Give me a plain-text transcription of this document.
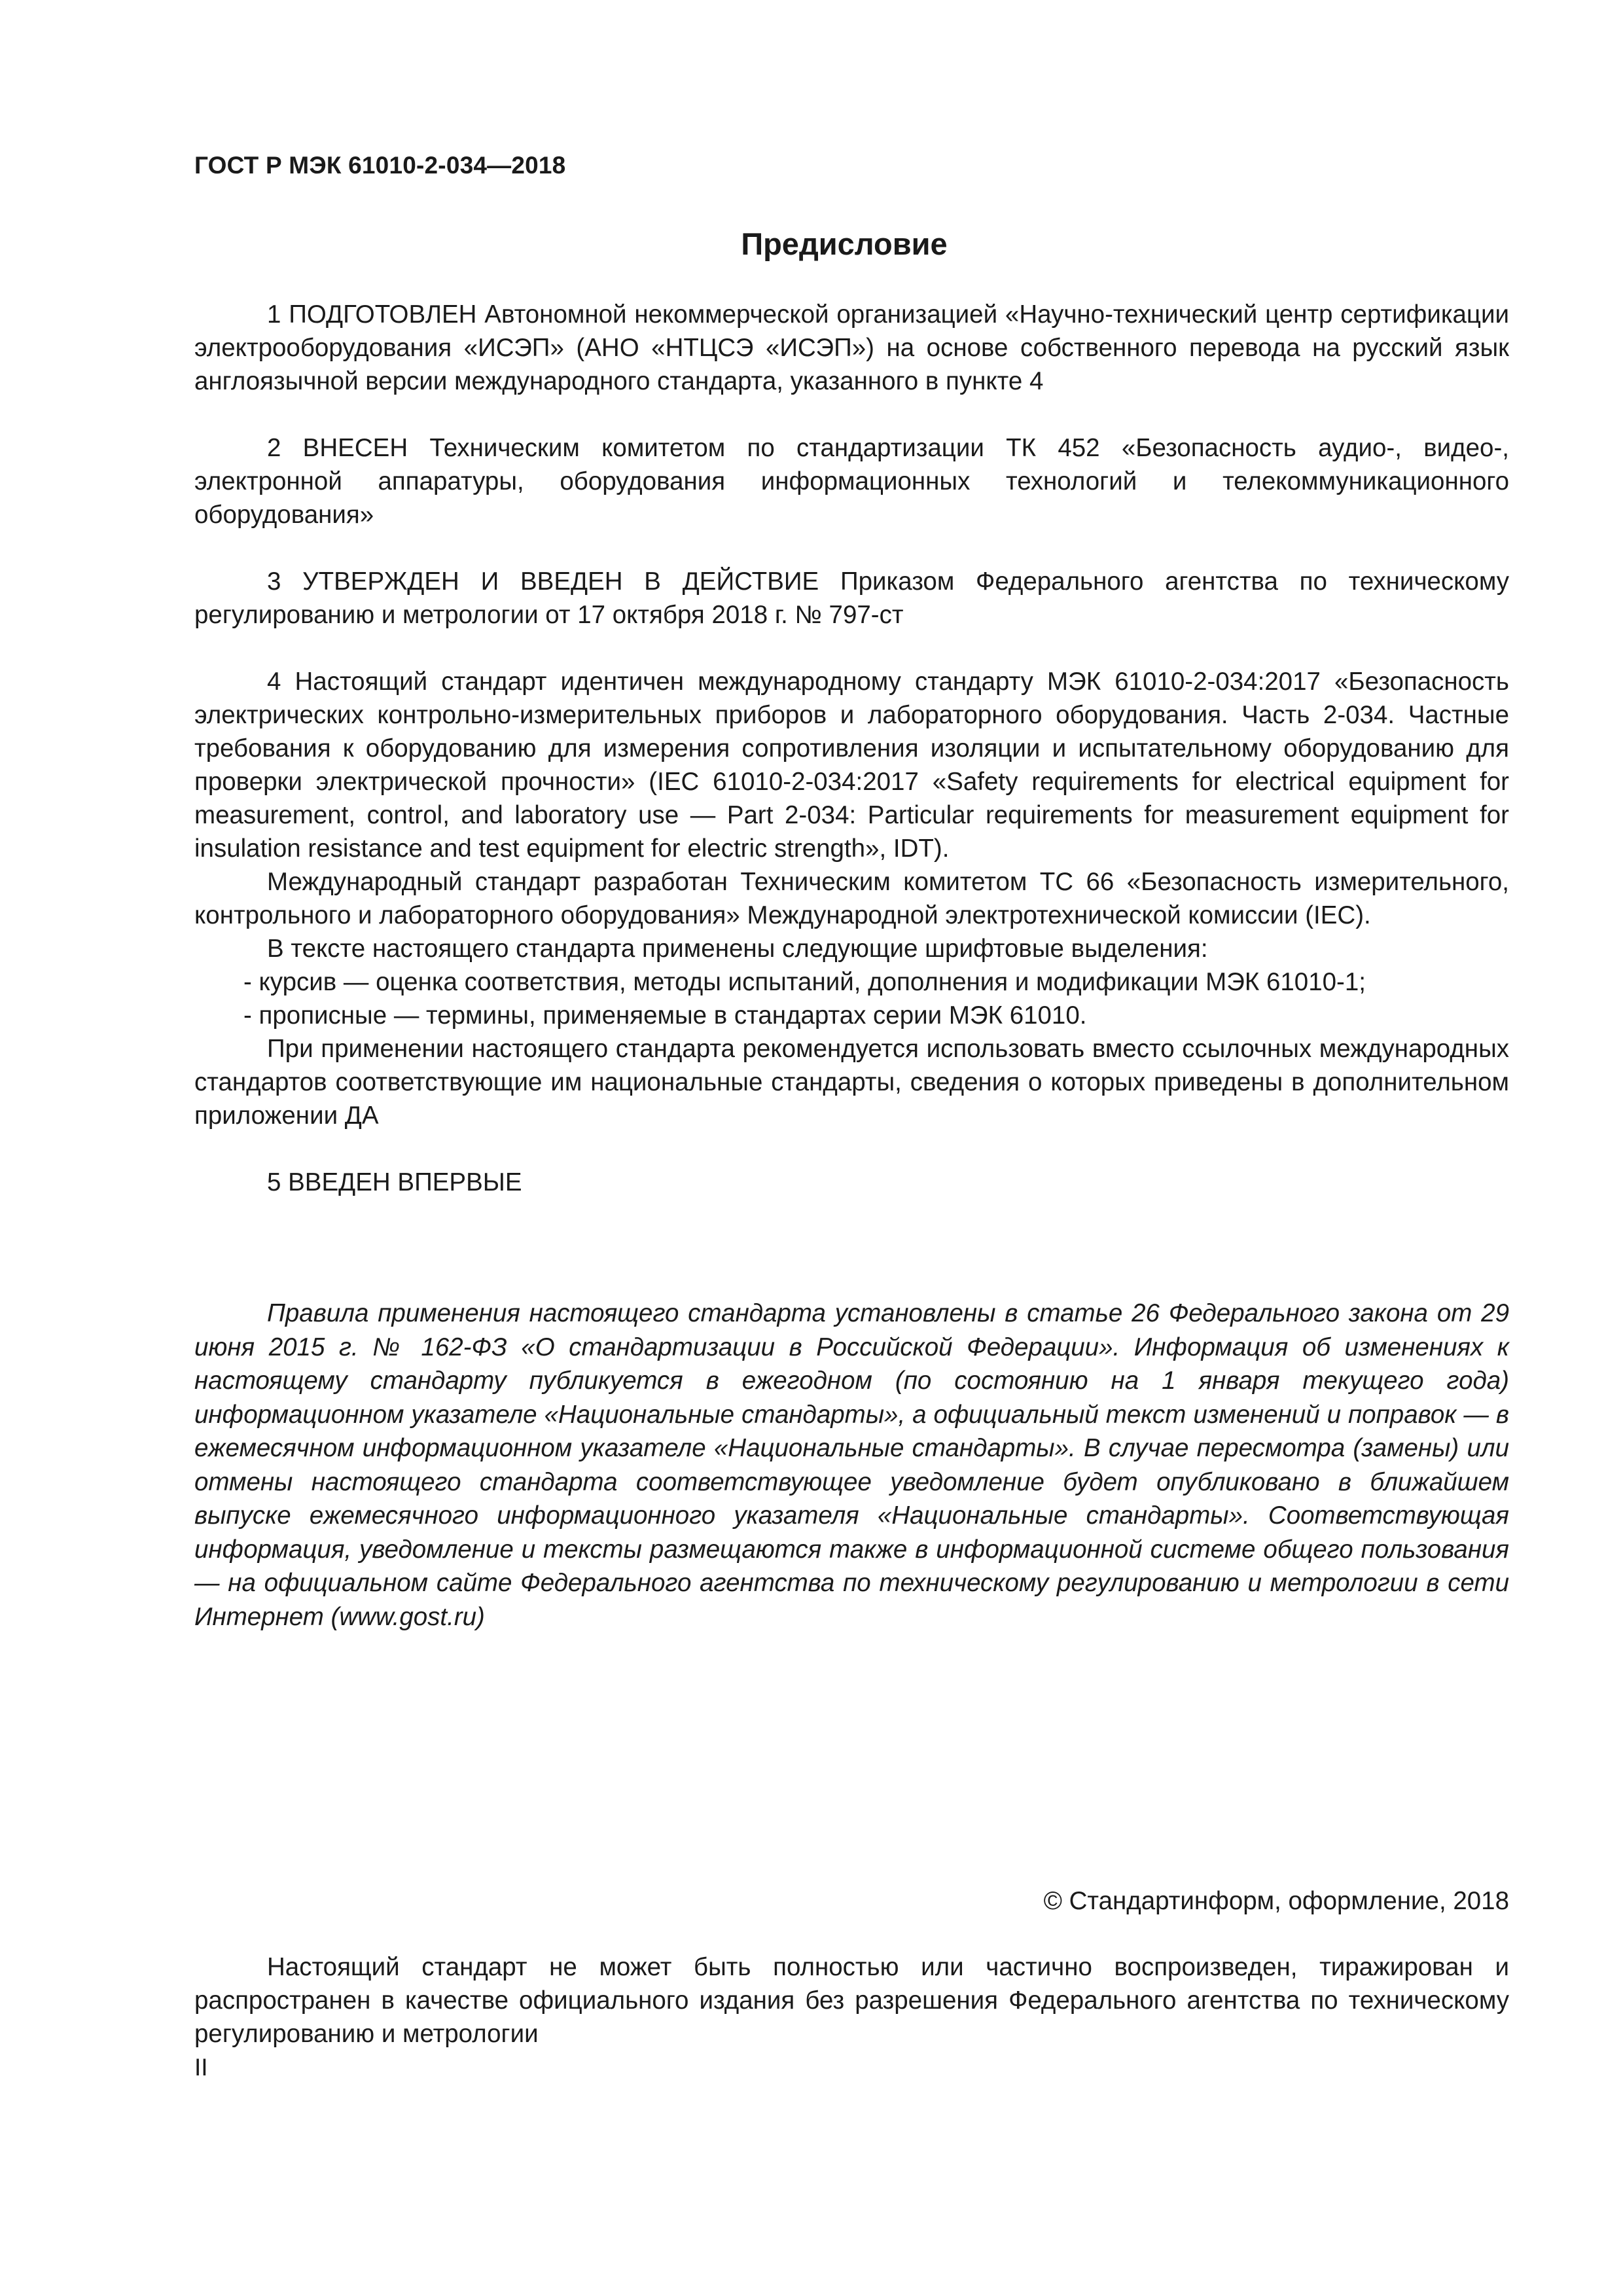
ГОСТ Р МЭК 61010-2-034—2018
Предисловие

1 ПОДГОТОВЛЕН Автономной некоммерческой организацией «Научно-технический центр сертификации электрооборудования «ИСЭП» (АНО «НТЦСЭ «ИСЭП») на основе собственного перевода на русский язык англоязычной версии международного стандарта, указанного в пункте 4

2 ВНЕСЕН Техническим комитетом по стандартизации ТК 452 «Безопасность аудио-, видео-, электронной аппаратуры, оборудования информационных технологий и телекоммуникационного оборудования»

3 УТВЕРЖДЕН И ВВЕДЕН В ДЕЙСТВИЕ Приказом Федерального агентства по техническому регулированию и метрологии от 17 октября 2018 г. № 797-ст

4 Настоящий стандарт идентичен международному стандарту МЭК 61010-2-034:2017 «Безопасность электрических контрольно-измерительных приборов и лабораторного оборудования. Часть 2-034. Частные требования к оборудованию для измерения сопротивления изоляции и испытательному оборудованию для проверки электрической прочности» (IEC 61010-2-034:2017 «Safety requirements for electrical equipment for measurement, control, and laboratory use — Part 2-034: Particular requirements for measurement equipment for insulation resistance and test equipment for electric strength», IDT).

Международный стандарт разработан Техническим комитетом ТС 66 «Безопасность измерительного, контрольного и лабораторного оборудования» Международной электротехнической комиссии (IEC).

В тексте настоящего стандарта применены следующие шрифтовые выделения:

- курсив — оценка соответствия, методы испытаний, дополнения и модификации МЭК 61010-1;

- прописные — термины, применяемые в стандартах серии МЭК 61010.

При применении настоящего стандарта рекомендуется использовать вместо ссылочных международных стандартов соответствующие им национальные стандарты, сведения о которых приведены в дополнительном приложении ДА

5 ВВЕДЕН ВПЕРВЫЕ

Правила применения настоящего стандарта установлены в статье 26 Федерального закона от 29 июня 2015 г. № 162-ФЗ «О стандартизации в Российской Федерации». Информация об изменениях к настоящему стандарту публикуется в ежегодном (по состоянию на 1 января текущего года) информационном указателе «Национальные стандарты», а официальный текст изменений и поправок — в ежемесячном информационном указателе «Национальные стандарты». В случае пересмотра (замены) или отмены настоящего стандарта соответствующее уведомление будет опубликовано в ближайшем выпуске ежемесячного информационного указателя «Национальные стандарты». Соответствующая информация, уведомление и тексты размещаются также в информационной системе общего пользования — на официальном сайте Федерального агентства по техническому регулированию и метрологии в сети Интернет (www.gost.ru)

© Стандартинформ, оформление, 2018

Настоящий стандарт не может быть полностью или частично воспроизведен, тиражирован и распространен в качестве официального издания без разрешения Федерального агентства по техническому регулированию и метрологии

II
